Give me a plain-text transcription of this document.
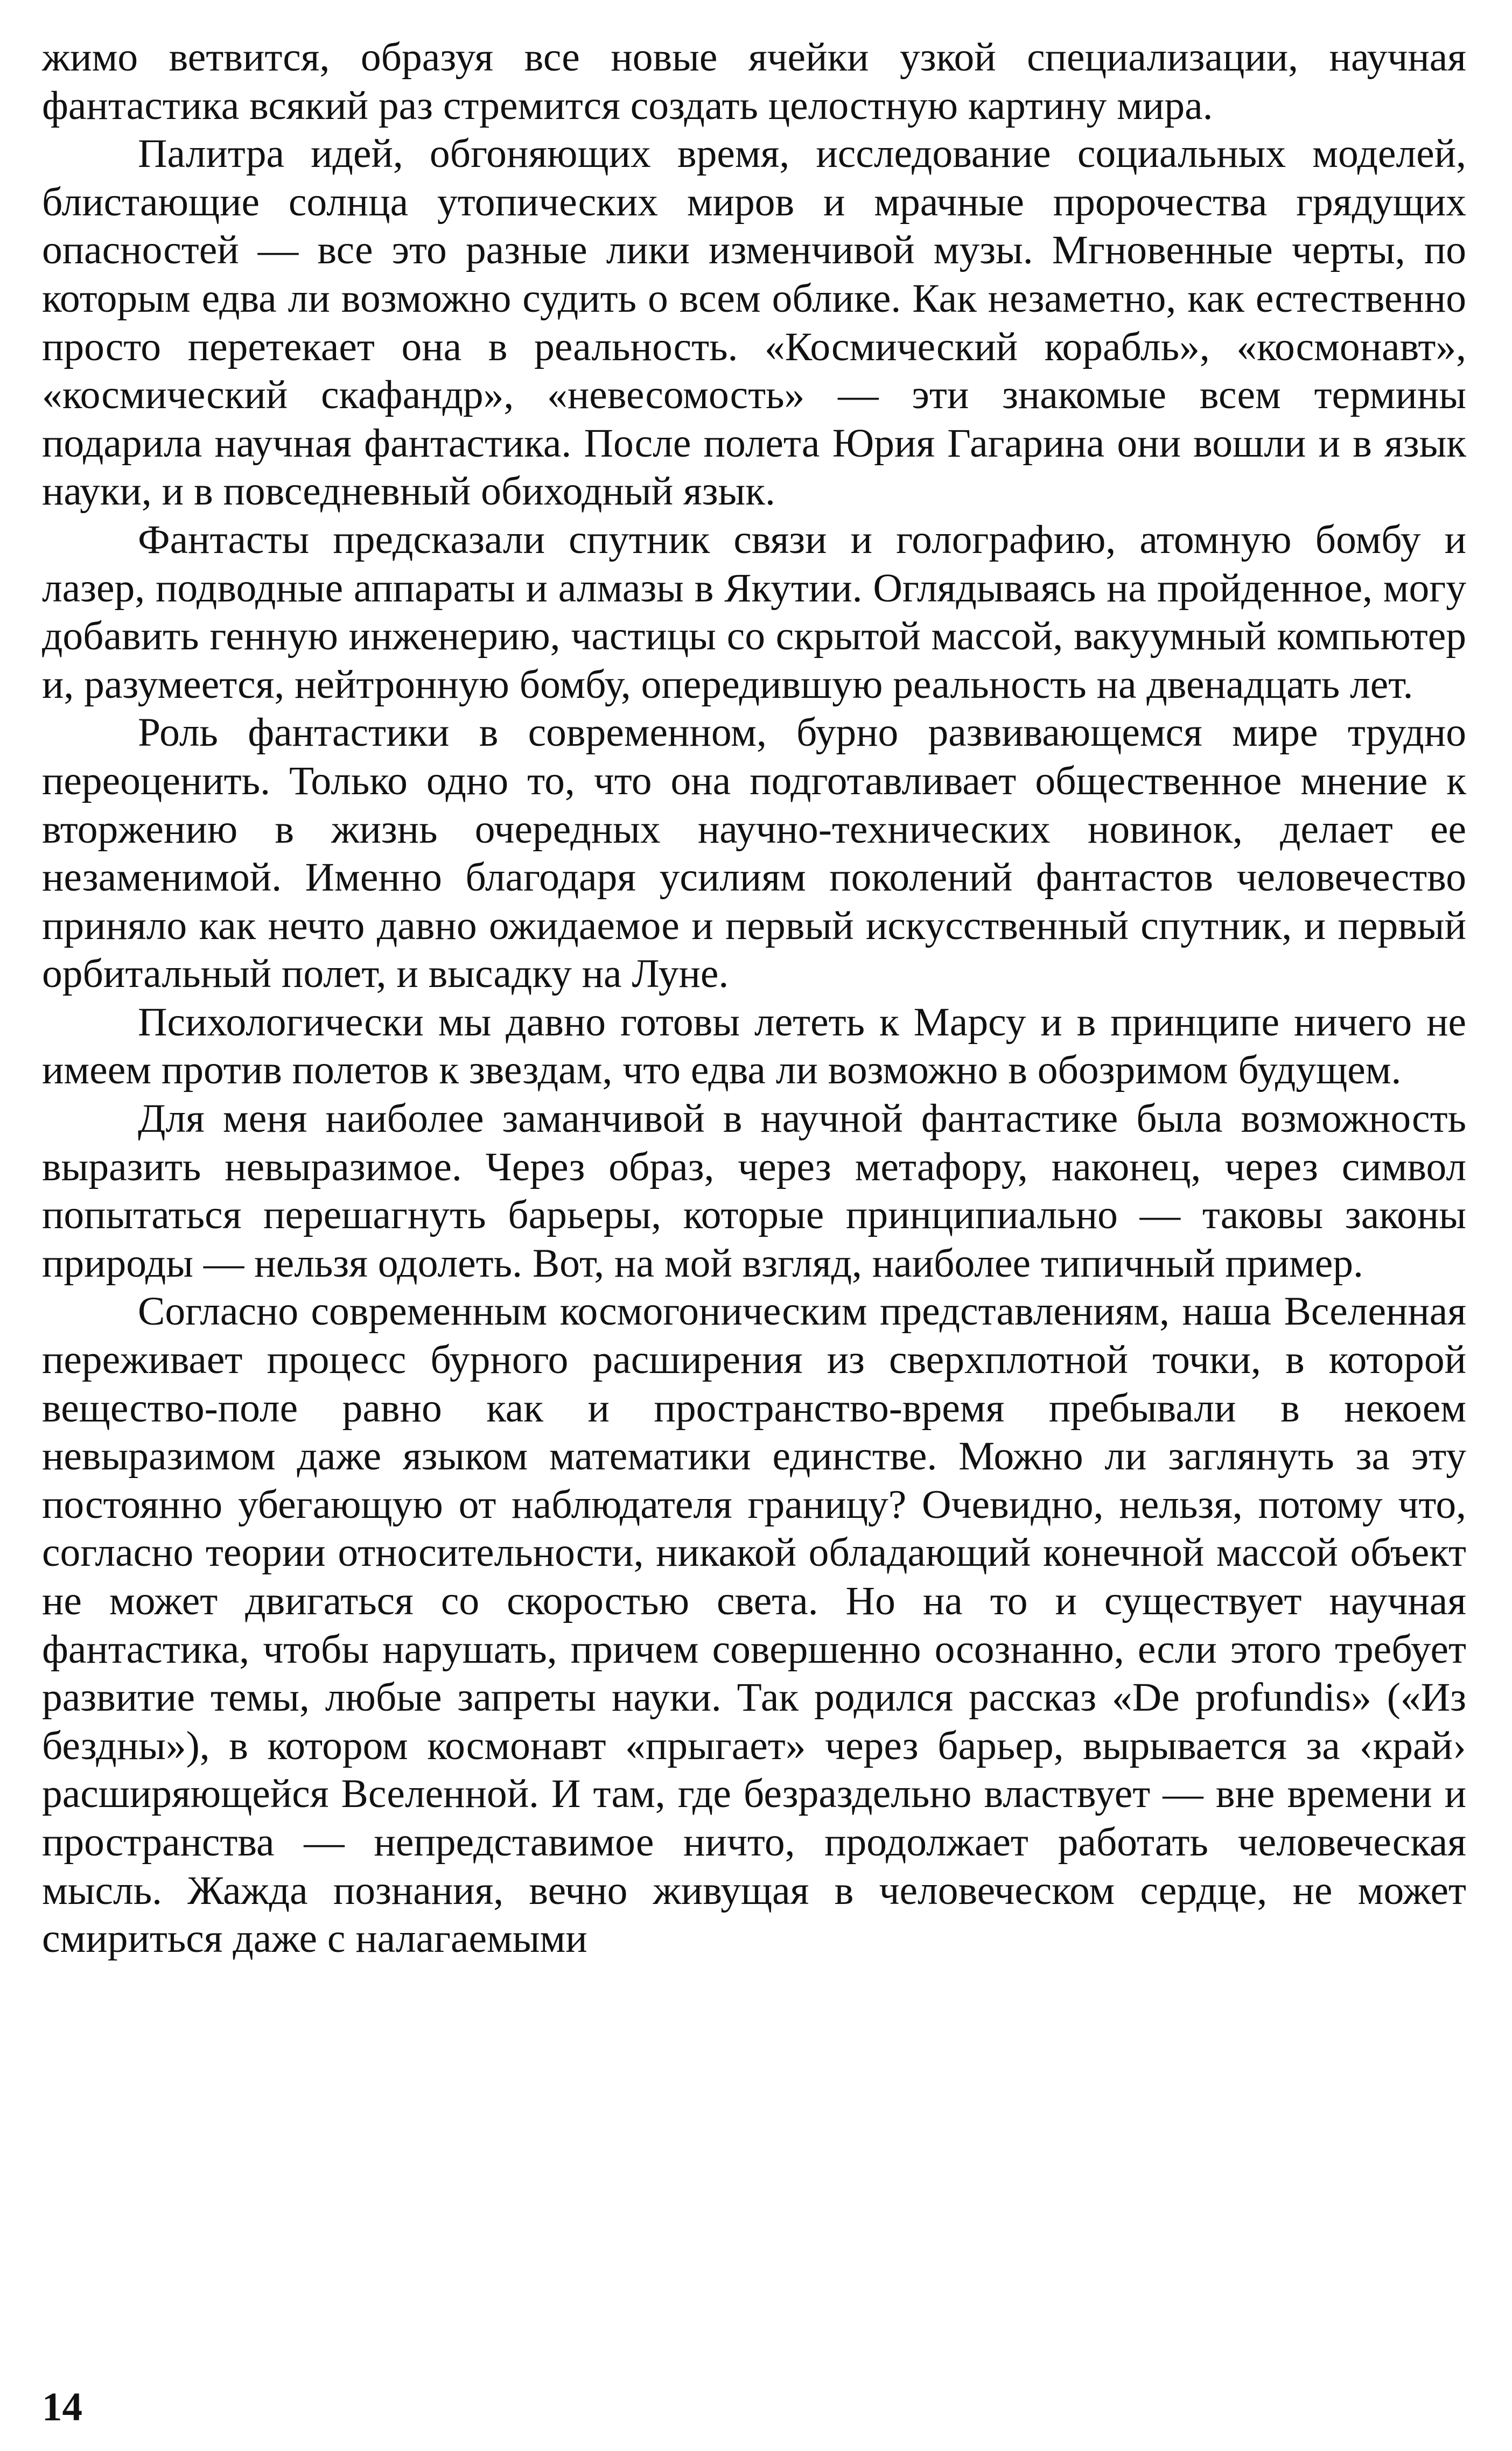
жимо ветвится, образуя все новые ячейки узкой специализации, научная фантастика всякий раз стремится создать целостную картину мира.

Палитра идей, обгоняющих время, исследование социальных моделей, блистающие солнца утопических миров и мрачные пророчества грядущих опасностей — все это разные лики изменчивой музы. Мгновенные черты, по которым едва ли возможно судить о всем облике. Как незаметно, как естественно просто перетекает она в реальность. «Космический корабль», «космонавт», «космический скафандр», «невесомость» — эти знакомые всем термины подарила научная фантастика. После полета Юрия Гагарина они вошли и в язык науки, и в повседневный обиходный язык.

Фантасты предсказали спутник связи и голографию, атомную бомбу и лазер, подводные аппараты и алмазы в Якутии. Оглядываясь на пройденное, могу добавить генную инженерию, частицы со скрытой массой, вакуумный компьютер и, разумеется, нейтронную бомбу, опередившую реальность на двенадцать лет.

Роль фантастики в современном, бурно развивающемся мире трудно переоценить. Только одно то, что она подготавливает общественное мнение к вторжению в жизнь очередных научно-технических новинок, делает ее незаменимой. Именно благодаря усилиям поколений фантастов человечество приняло как нечто давно ожидаемое и первый искусственный спутник, и первый орбитальный полет, и высадку на Луне.

Психологически мы давно готовы лететь к Марсу и в принципе ничего не имеем против полетов к звездам, что едва ли возможно в обозримом будущем.

Для меня наиболее заманчивой в научной фантастике была возможность выразить невыразимое. Через образ, через метафору, наконец, через символ попытаться перешагнуть барьеры, которые принципиально — таковы законы природы — нельзя одолеть. Вот, на мой взгляд, наиболее типичный пример.

Согласно современным космогоническим представлениям, наша Вселенная переживает процесс бурного расширения из сверхплотной точки, в которой вещество-поле равно как и пространство-время пребывали в некоем невыразимом даже языком математики единстве. Можно ли заглянуть за эту постоянно убегающую от наблюдателя границу? Очевидно, нельзя, потому что, согласно теории относительности, никакой обладающий конечной массой объект не может двигаться со скоростью света. Но на то и существует научная фантастика, чтобы нарушать, причем совершенно осознанно, если этого требует развитие темы, любые запреты науки. Так родился рассказ «De profundis» («Из бездны»), в котором космонавт «прыгает» через барьер, вырывается за ‹край› расширяющейся Вселенной. И там, где безраздельно властвует — вне времени и пространства — непредставимое ничто, продолжает работать человеческая мысль. Жажда познания, вечно живущая в человеческом сердце, не может смириться даже с налагаемыми

14
